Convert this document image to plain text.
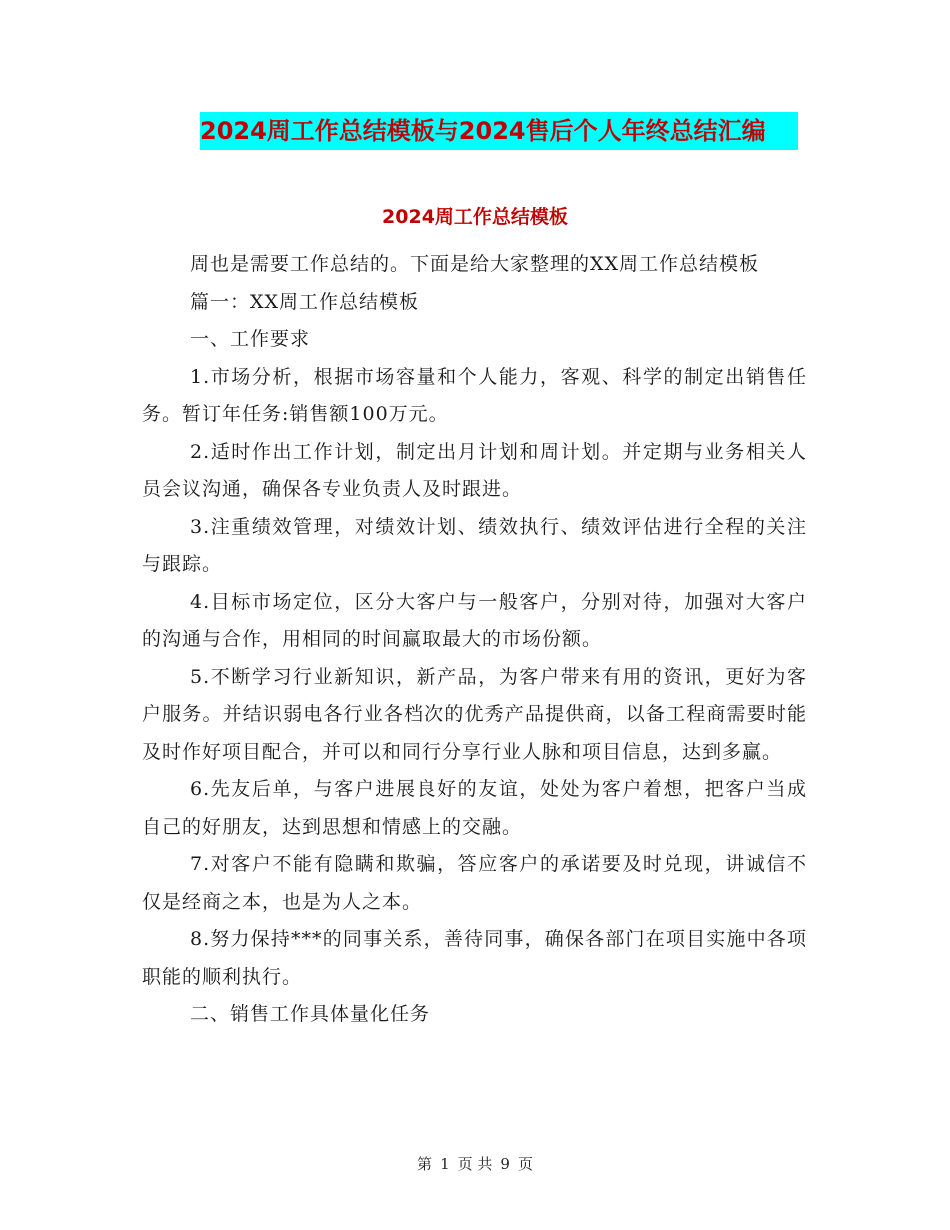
2024周工作总结模板与2024售后个人年终总结汇编
2024周工作总结模板

周也是需要工作总结的。下面是给大家整理的XX周工作总结模板

篇一：XX周工作总结模板

一、工作要求

1.市场分析，根据市场容量和个人能力，客观、科学的制定出销售任务。暂订年任务:销售额100万元。

2.适时作出工作计划，制定出月计划和周计划。并定期与业务相关人员会议沟通，确保各专业负责人及时跟进。

3.注重绩效管理，对绩效计划、绩效执行、绩效评估进行全程的关注与跟踪。

4.目标市场定位，区分大客户与一般客户，分别对待，加强对大客户的沟通与合作，用相同的时间赢取最大的市场份额。

5.不断学习行业新知识，新产品，为客户带来有用的资讯，更好为客户服务。并结识弱电各行业各档次的优秀产品提供商，以备工程商需要时能及时作好项目配合，并可以和同行分享行业人脉和项目信息，达到多赢。

6.先友后单，与客户进展良好的友谊，处处为客户着想，把客户当成自己的好朋友，达到思想和情感上的交融。

7.对客户不能有隐瞒和欺骗，答应客户的承诺要及时兑现，讲诚信不仅是经商之本，也是为人之本。

8.努力保持***的同事关系，善待同事，确保各部门在项目实施中各项职能的顺利执行。

二、销售工作具体量化任务

第 1 页 共 9 页
